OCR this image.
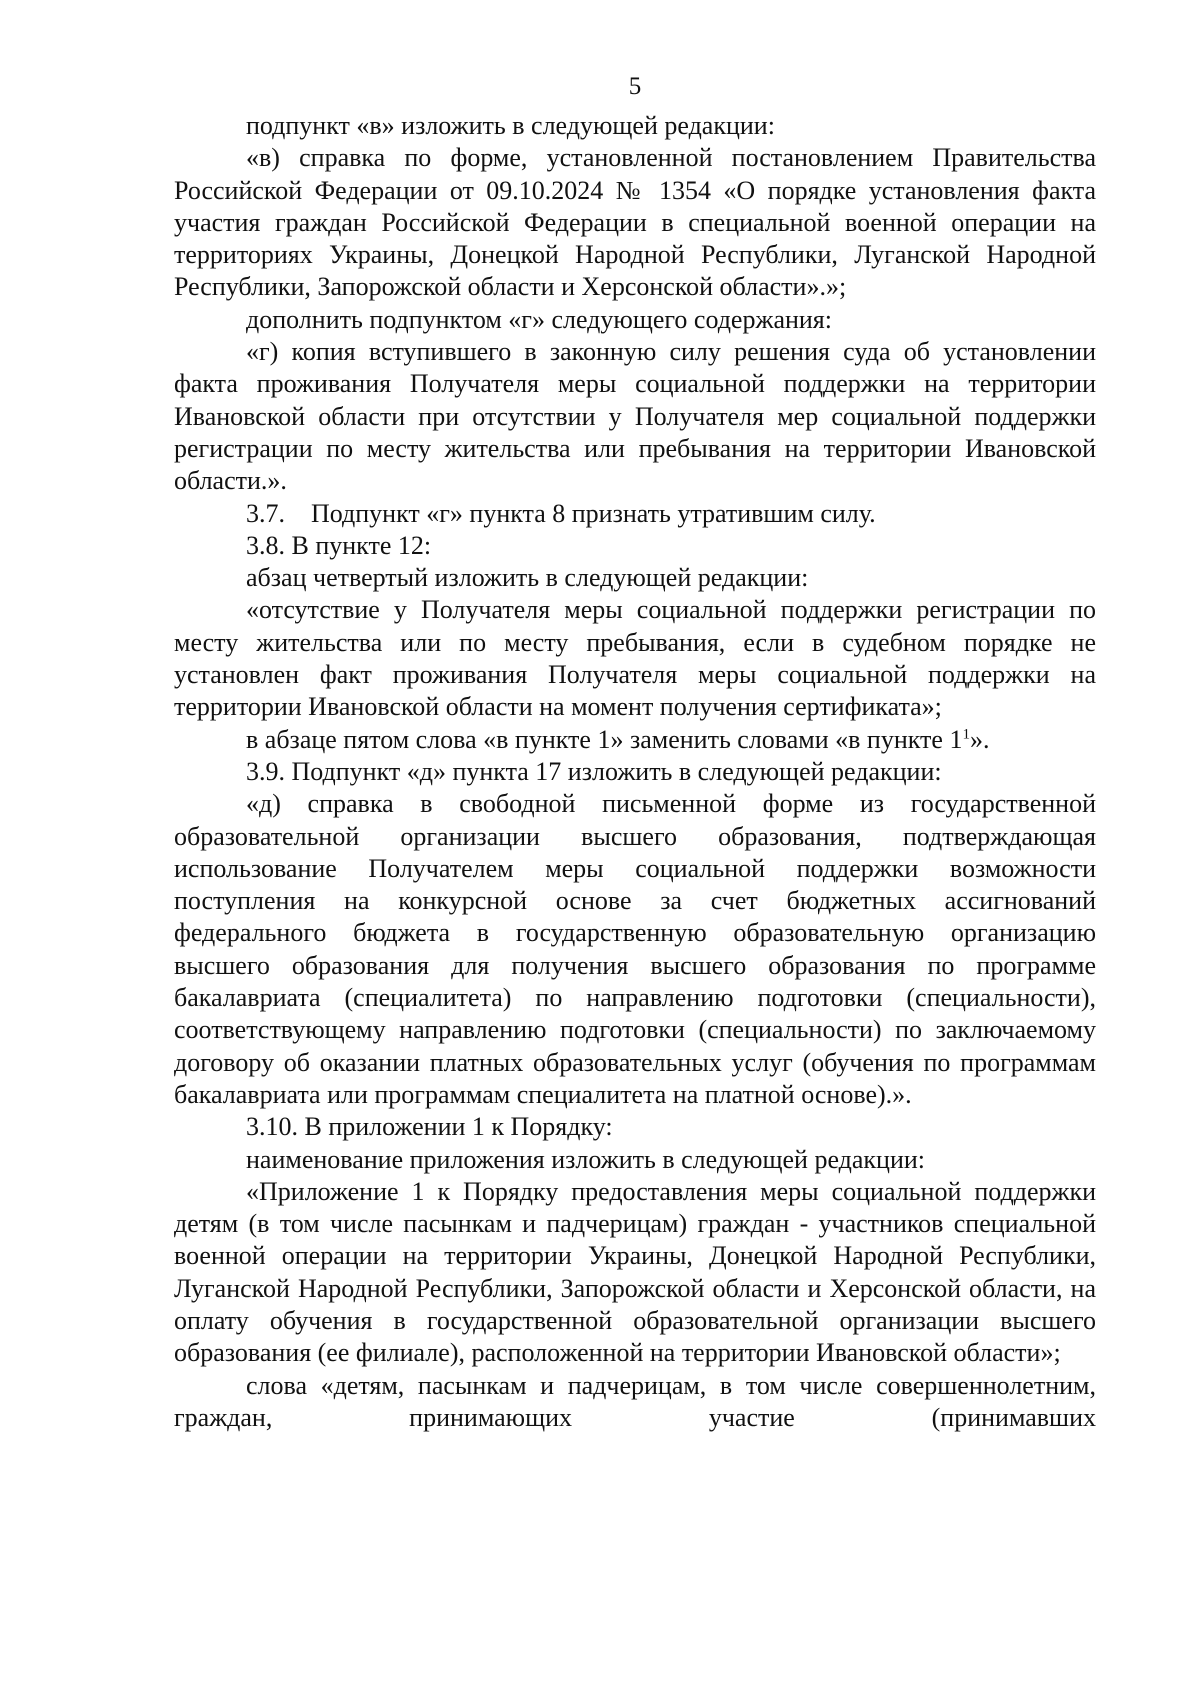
5

подпункт «в» изложить в следующей редакции:

«в) справка по форме, установленной постановлением Правительства Российской Федерации от 09.10.2024 № 1354 «О порядке установления факта участия граждан Российской Федерации в специальной военной операции на территориях Украины, Донецкой Народной Республики, Луганской Народной Республики, Запорожской области и Херсонской области».»;

дополнить подпунктом «г» следующего содержания:

«г) копия вступившего в законную силу решения суда об установлении факта проживания Получателя меры социальной поддержки на территории Ивановской области при отсутствии у Получателя мер социальной поддержки регистрации по месту жительства или пребывания на территории Ивановской области.».

3.7.    Подпункт «г» пункта 8 признать утратившим силу.

3.8. В пункте 12:

абзац четвертый изложить в следующей редакции:

«отсутствие у Получателя меры социальной поддержки регистрации по месту жительства или по месту пребывания, если в судебном порядке не установлен факт проживания Получателя меры социальной поддержки на территории Ивановской области на момент получения сертификата»;

в абзаце пятом слова «в пункте 1» заменить словами «в пункте $1^1$».

3.9. Подпункт «д» пункта 17 изложить в следующей редакции:

«д) справка в свободной письменной форме из государственной образовательной организации высшего образования, подтверждающая использование Получателем меры социальной поддержки возможности поступления на конкурсной основе за счет бюджетных ассигнований федерального бюджета в государственную образовательную организацию высшего образования для получения высшего образования по программе бакалавриата (специалитета) по направлению подготовки (специальности), соответствующему направлению подготовки (специальности) по заключаемому договору об оказании платных образовательных услуг (обучения по программам бакалавриата или программам специалитета на платной основе).».

3.10. В приложении 1 к Порядку:

наименование приложения изложить в следующей редакции:

«Приложение 1 к Порядку предоставления меры социальной поддержки детям (в том числе пасынкам и падчерицам) граждан - участников специальной военной операции на территории Украины, Донецкой Народной Республики, Луганской Народной Республики, Запорожской области и Херсонской области, на оплату обучения в государственной образовательной организации высшего образования (ее филиале), расположенной на территории Ивановской области»;

слова «детям, пасынкам и падчерицам, в том числе совершеннолетним, граждан, принимающих участие (принимавших
